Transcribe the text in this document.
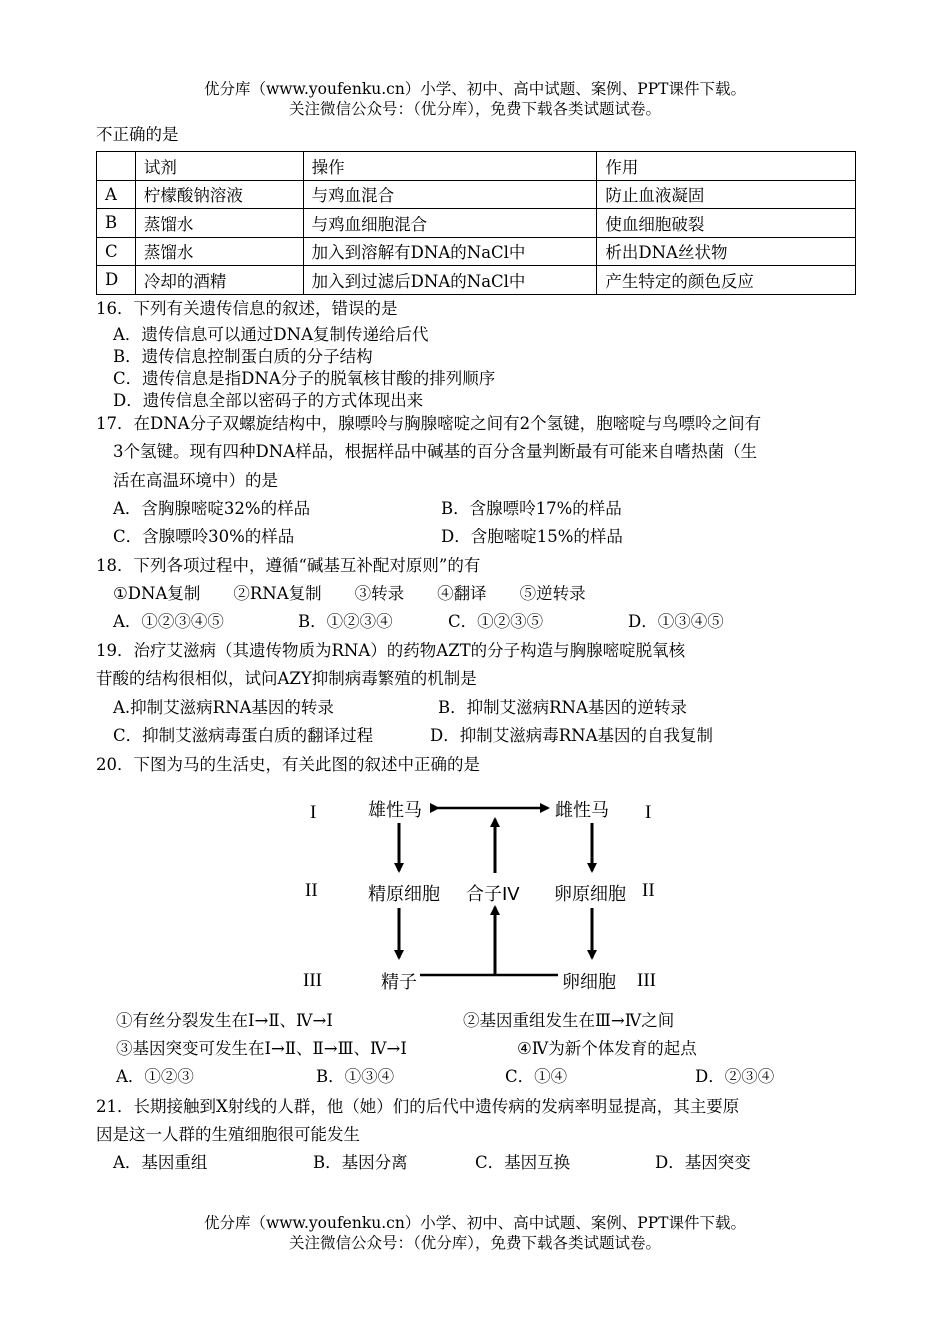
优分库（www.youfenku.cn）小学、初中、高中试题、案例、PPT课件下载。
关注微信公众号：（优分库），免费下载各类试题试卷。
不正确的是
	试剂	操作	作用
A	柠檬酸钠溶液	与鸡血混合	防止血液凝固
B	蒸馏水	与鸡血细胞混合	使血细胞破裂
C	蒸馏水	加入到溶解有DNA的NaCl中	析出DNA丝状物
D	冷却的酒精	加入到过滤后DNA的NaCl中	产生特定的颜色反应
16．下列有关遗传信息的叙述，错误的是
A．遗传信息可以通过DNA复制传递给后代
B．遗传信息控制蛋白质的分子结构
C．遗传信息是指DNA分子的脱氧核甘酸的排列顺序
D．遗传信息全部以密码子的方式体现出来
17．在DNA分子双螺旋结构中，腺嘌呤与胸腺嘧啶之间有2个氢键，胞嘧啶与鸟嘌呤之间有
3个氢键。现有四种DNA样品，根据样品中碱基的百分含量判断最有可能来自嗜热菌（生
活在高温环境中）的是
A．含胸腺嘧啶32%的样品	B．含腺嘌呤17%的样品
C．含腺嘌呤30%的样品	D．含胞嘧啶15%的样品
18．下列各项过程中，遵循“碱基互补配对原则”的有
①DNA复制　　②RNA复制　　③转录　　④翻译　　⑤逆转录
A．①②③④⑤	B．①②③④	C．①②③⑤	D．①③④⑤
19．治疗艾滋病（其遗传物质为RNA）的药物AZT的分子构造与胸腺嘧啶脱氧核
苷酸的结构很相似，试问AZY抑制病毒繁殖的机制是
A.抑制艾滋病RNA基因的转录	B．抑制艾滋病RNA基因的逆转录
C．抑制艾滋病毒蛋白质的翻译过程	D．抑制艾滋病毒RNA基因的自我复制
20．下图为马的生活史，有关此图的叙述中正确的是
雄性马	雌性马
精原细胞 合子IV 卵原细胞
精子	卵细胞
I	I
II	II
III	III
①有丝分裂发生在Ⅰ→Ⅱ、Ⅳ→Ⅰ	②基因重组发生在Ⅲ→Ⅳ之间
③基因突变可发生在Ⅰ→Ⅱ、Ⅱ→Ⅲ、Ⅳ→Ⅰ	④Ⅳ为新个体发育的起点
A．①②③	B．①③④	C．①④	D．②③④
21．长期接触到X射线的人群，他（她）们的后代中遗传病的发病率明显提高，其主要原
因是这一人群的生殖细胞很可能发生
A．基因重组	B．基因分离	C．基因互换	D．基因突变
优分库（www.youfenku.cn）小学、初中、高中试题、案例、PPT课件下载。
关注微信公众号：（优分库），免费下载各类试题试卷。
